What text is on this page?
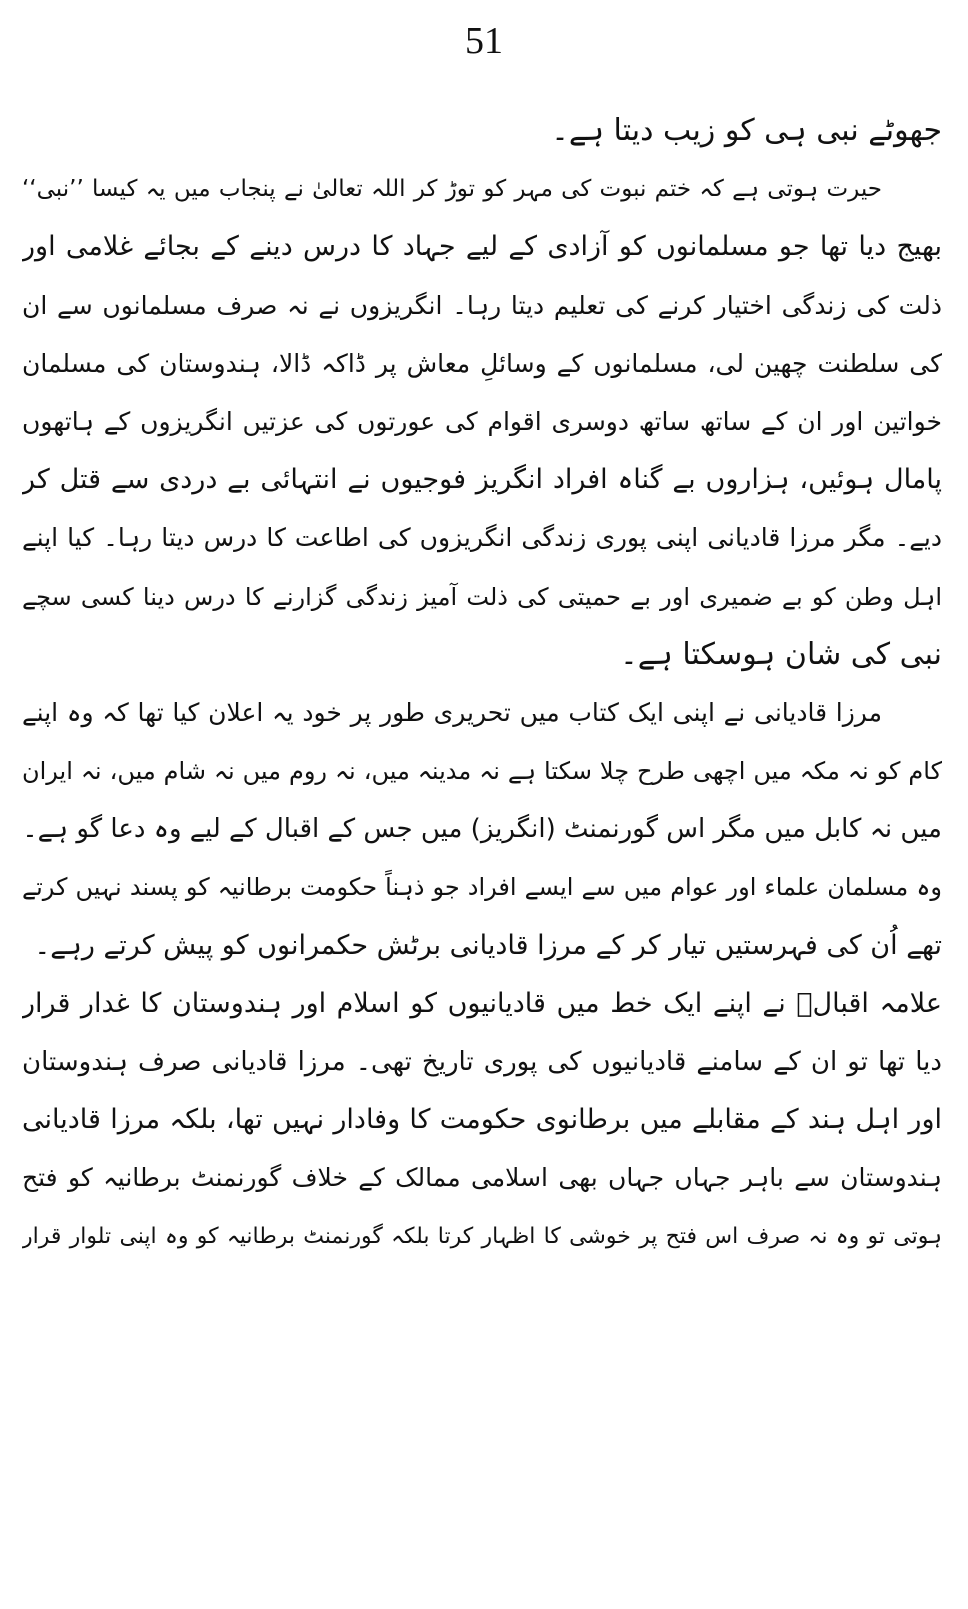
51
جھوٹے نبی ہی کو زیب دیتا ہے۔
حیرت ہوتی ہے کہ ختم نبوت کی مہر کو توڑ کر اللہ تعالیٰ نے پنجاب میں یہ کیسا ’’نبی‘‘
بھیج دیا تھا جو مسلمانوں کو آزادی کے لیے جہاد کا درس دینے کے بجائے غلامی اور
ذلت کی زندگی اختیار کرنے کی تعلیم دیتا رہا۔ انگریزوں نے نہ صرف مسلمانوں سے ان
کی سلطنت چھین لی، مسلمانوں کے وسائلِ معاش پر ڈاکہ ڈالا، ہندوستان کی مسلمان
خواتین اور ان کے ساتھ ساتھ دوسری اقوام کی عورتوں کی عزتیں انگریزوں کے ہاتھوں
پامال ہوئیں، ہزاروں بے گناہ افراد انگریز فوجیوں نے انتہائی بے دردی سے قتل کر
دیے۔ مگر مرزا قادیانی اپنی پوری زندگی انگریزوں کی اطاعت کا درس دیتا رہا۔ کیا اپنے
اہل وطن کو بے ضمیری اور بے حمیتی کی ذلت آمیز زندگی گزارنے کا درس دینا کسی سچے
نبی کی شان ہوسکتا ہے۔
مرزا قادیانی نے اپنی ایک کتاب میں تحریری طور پر خود یہ اعلان کیا تھا کہ وہ اپنے
کام کو نہ مکہ میں اچھی طرح چلا سکتا ہے نہ مدینہ میں، نہ روم میں نہ شام میں، نہ ایران
میں نہ کابل میں مگر اس گورنمنٹ (انگریز) میں جس کے اقبال کے لیے وہ دعا گو ہے۔
وہ مسلمان علماء اور عوام میں سے ایسے افراد جو ذہناً حکومت برطانیہ کو پسند نہیں کرتے
تھے اُن کی فہرستیں تیار کر کے مرزا قادیانی برٹش حکمرانوں کو پیش کرتے رہے۔
علامہ اقبالؒ نے اپنے ایک خط میں قادیانیوں کو اسلام اور ہندوستان کا غدار قرار
دیا تھا تو ان کے سامنے قادیانیوں کی پوری تاریخ تھی۔ مرزا قادیانی صرف ہندوستان
اور اہل ہند کے مقابلے میں برطانوی حکومت کا وفادار نہیں تھا، بلکہ مرزا قادیانی
ہندوستان سے باہر جہاں جہاں بھی اسلامی ممالک کے خلاف گورنمنٹ برطانیہ کو فتح
ہوتی تو وہ نہ صرف اس فتح پر خوشی کا اظہار کرتا بلکہ گورنمنٹ برطانیہ کو وہ اپنی تلوار قرار
